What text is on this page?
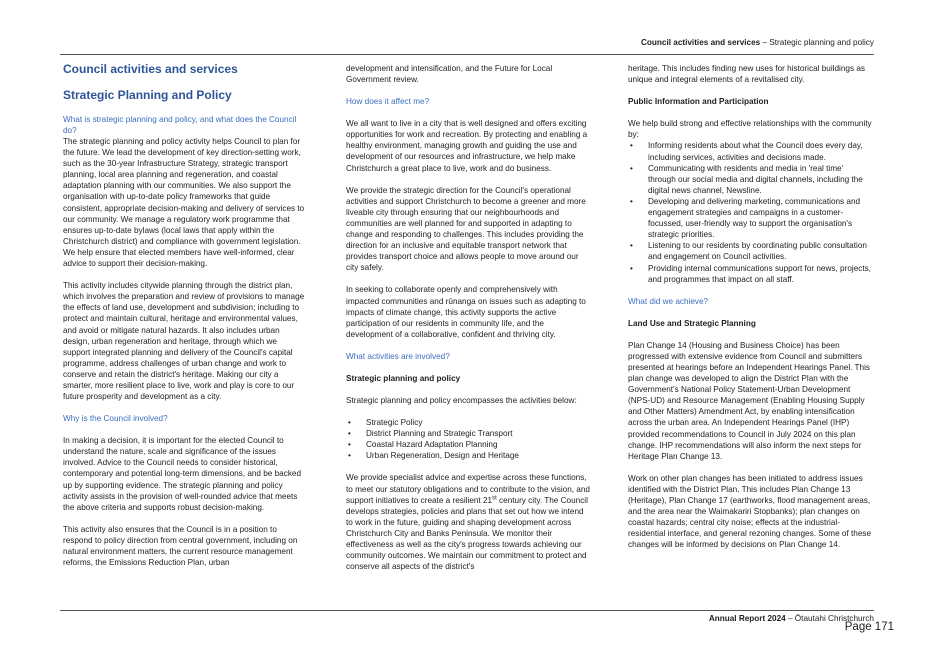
Council activities and services – Strategic planning and policy
Council activities and services
Strategic Planning and Policy
What is strategic planning and policy, and what does the Council do?

The strategic planning and policy activity helps Council to plan for the future. We lead the development of key direction-setting work, such as the 30-year Infrastructure Strategy, strategic transport planning, local area planning and regeneration, and coastal adaptation planning with our communities. We also support the organisation with up-to-date policy frameworks that guide consistent, appropriate decision-making and delivery of services to our community. We manage a regulatory work programme that ensures up-to-date bylaws (local laws that apply within the Christchurch district) and compliance with government legislation. We help ensure that elected members have well-informed, clear advice to support their decision-making.

This activity includes citywide planning through the district plan, which involves the preparation and review of provisions to manage the effects of land use, development and subdivision; including to protect and maintain cultural, heritage and environmental values, and avoid or mitigate natural hazards. It also includes urban design, urban regeneration and heritage, through which we support integrated planning and delivery of the Council's capital programme, address challenges of urban change and work to conserve and retain the district's heritage. Making our city a smarter, more resilient place to live, work and play is core to our future prosperity and development as a city.

Why is the Council involved?

In making a decision, it is important for the elected Council to understand the nature, scale and significance of the issues involved. Advice to the Council needs to consider historical, contemporary and potential long-term dimensions, and be backed up by supporting evidence. The strategic planning and policy activity assists in the provision of well-rounded advice that meets the above criteria and supports robust decision-making.

This activity also ensures that the Council is in a position to respond to policy direction from central government, including on natural environment matters, the current resource management reforms, the Emissions Reduction Plan, urban

development and intensification, and the Future for Local Government review.

How does it affect me?

We all want to live in a city that is well designed and offers exciting opportunities for work and recreation. By protecting and enabling a healthy environment, managing growth and guiding the use and development of our resources and infrastructure, we help make Christchurch a great place to live, work and do business.

We provide the strategic direction for the Council's operational activities and support Christchurch to become a greener and more liveable city through ensuring that our neighbourhoods and communities are well planned for and supported in adapting to change and responding to challenges. This includes providing the direction for an inclusive and equitable transport network that provides transport choice and allows people to move around our city safely.

In seeking to collaborate openly and comprehensively with impacted communities and rūnanga on issues such as adapting to impacts of climate change, this activity supports the active participation of our residents in community life, and the development of a collaborative, confident and thriving city.

What activities are involved?
Strategic planning and policy

Strategic planning and policy encompasses the activities below:

• Strategic Policy
• District Planning and Strategic Transport
• Coastal Hazard Adaptation Planning
• Urban Regeneration, Design and Heritage

We provide specialist advice and expertise across these functions, to meet our statutory obligations and to contribute to the vision, and support initiatives to create a resilient 21st century city. The Council develops strategies, policies and plans that set out how we intend to work in the future, guiding and shaping development across Christchurch City and Banks Peninsula. We monitor their effectiveness as well as the city's progress towards achieving our community outcomes. We maintain our commitment to protect and conserve all aspects of the district's

heritage. This includes finding new uses for historical buildings as unique and integral elements of a revitalised city.

Public Information and Participation

We help build strong and effective relationships with the community by:

• Informing residents about what the Council does every day, including services, activities and decisions made.
• Communicating with residents and media in 'real time' through our social media and digital channels, including the digital news channel, Newsline.
• Developing and delivering marketing, communications and engagement strategies and campaigns in a customer-focussed, user-friendly way to support the organisation's strategic priorities.
• Listening to our residents by coordinating public consultation and engagement on Council activities.
• Providing internal communications support for news, projects, and programmes that impact on all staff.
What did we achieve?
Land Use and Strategic Planning

Plan Change 14 (Housing and Business Choice) has been progressed with extensive evidence from Council and submitters presented at hearings before an Independent Hearings Panel. This plan change was developed to align the District Plan with the Government's National Policy Statement-Urban Development (NPS-UD) and Resource Management (Enabling Housing Supply and Other Matters) Amendment Act, by enabling intensification across the urban area. An Independent Hearings Panel (IHP) provided recommendations to Council in July 2024 on this plan change. IHP recommendations will also inform the next steps for Heritage Plan Change 13.

Work on other plan changes has been initiated to address issues identified with the District Plan. This includes Plan Change 13 (Heritage), Plan Change 17 (earthworks, flood management areas, and the area near the Waimakariri Stopbanks); plan changes on coastal hazards; central city noise; effects at the industrial-residential interface, and general rezoning changes. Some of these changes will be informed by decisions on Plan Change 14.

Annual Report 2024 – Ōtautahi Christchurch
Page 171
